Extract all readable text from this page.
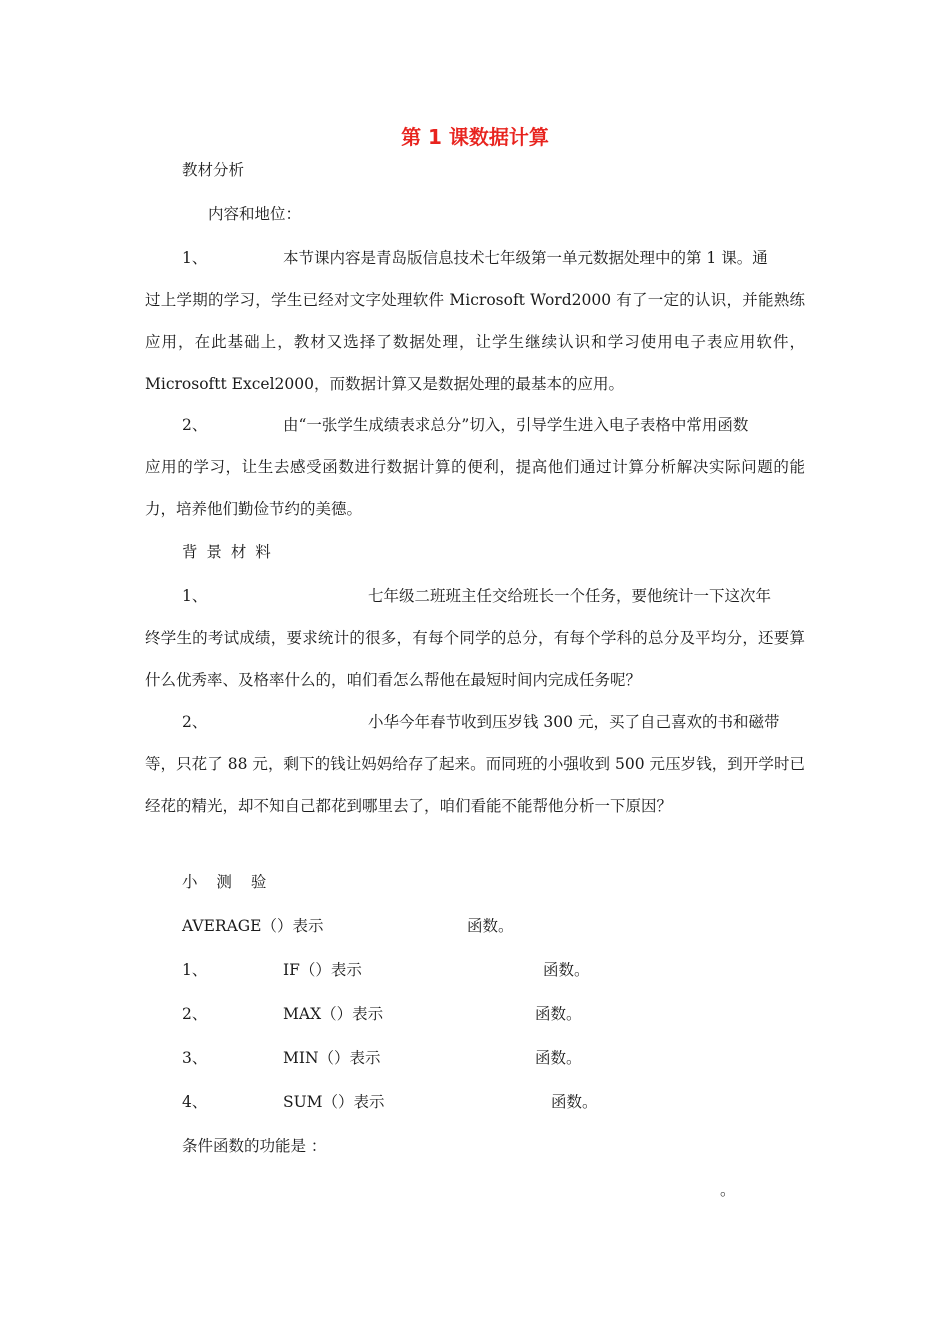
第 1 课数据计算
教材分析
内容和地位：
1、	本节课内容是青岛版信息技术七年级第一单元数据处理中的第 1 课。通
过上学期的学习，学生已经对文字处理软件 Microsoft Word2000 有了一定的认识，并能熟练应用，在此基础上，教材又选择了数据处理，让学生继续认识和学习使用电子表应用软件，Microsoftt Excel2000，而数据计算又是数据处理的最基本的应用。
2、	由“一张学生成绩表求总分”切入，引导学生进入电子表格中常用函数
应用的学习，让生去感受函数进行数据计算的便利，提高他们通过计算分析解决实际问题的能力，培养他们勤俭节约的美德。
背 景 材 料
1、	七年级二班班主任交给班长一个任务，要他统计一下这次年
终学生的考试成绩，要求统计的很多，有每个同学的总分，有每个学科的总分及平均分，还要算什么优秀率、及格率什么的，咱们看怎么帮他在最短时间内完成任务呢？
2、	小华今年春节收到压岁钱 300 元，买了自己喜欢的书和磁带
等，只花了 88 元，剩下的钱让妈妈给存了起来。而同班的小强收到 500 元压岁钱，到开学时已经花的精光，却不知自己都花到哪里去了，咱们看能不能帮他分析一下原因？
小 测 验
AVERAGE（）表示	函数。
1、	IF（）表示	函数。
2、	MAX（）表示	函数。
3、	MIN（）表示	函数。
4、	SUM（）表示	函数。
条件函数的功能是 ：
。
